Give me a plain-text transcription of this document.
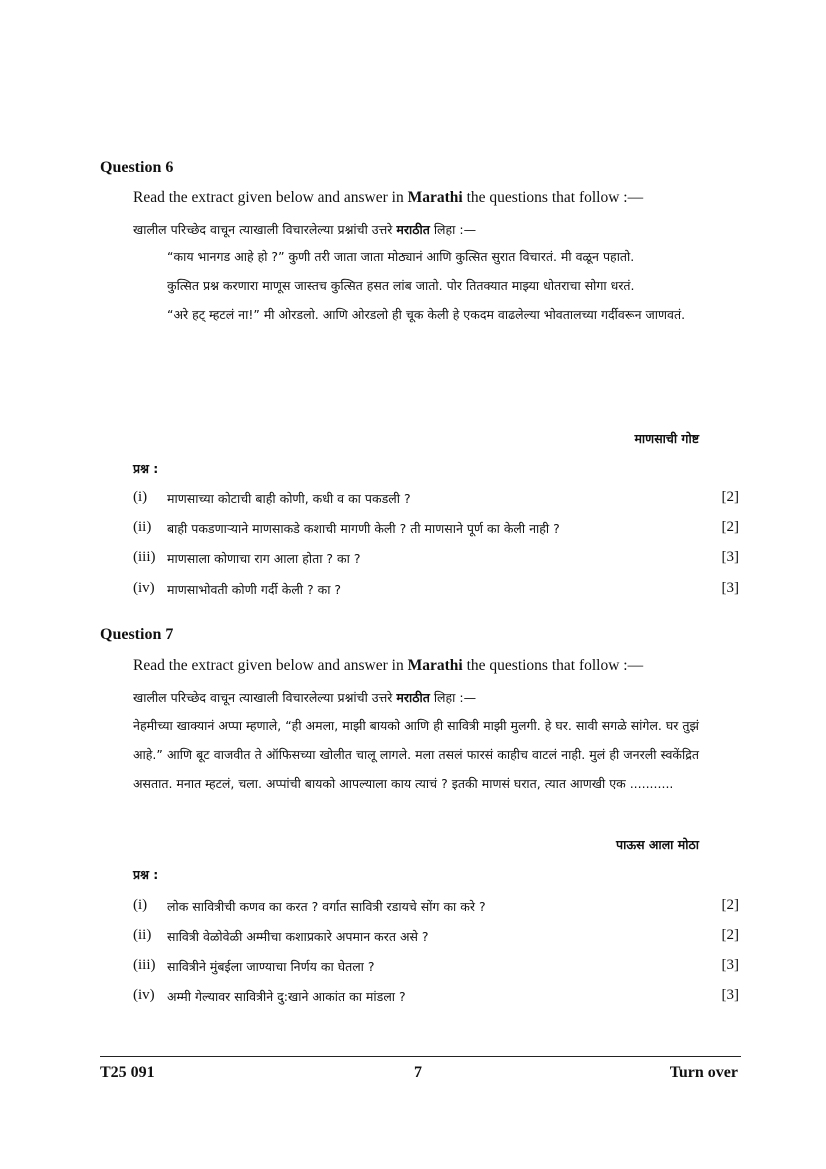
Question 6
Read the extract given below and answer in Marathi the questions that follow :—
खालील परिच्छेद वाचून त्याखाली विचारलेल्या प्रश्नांची उत्तरे मराठीत लिहा :—

“काय भानगड आहे हो ?” कुणी तरी जाता जाता मोठ्यानं आणि कुत्सित सुरात विचारतं. मी वळून पहातो.

कुत्सित प्रश्न करणारा माणूस जास्तच कुत्सित हसत लांब जातो. पोर तितक्यात माझ्या धोतराचा सोगा धरतं.

“अरे हट् म्हटलं ना!” मी ओरडलो. आणि ओरडलो ही चूक केली हे एकदम वाढलेल्या भोवतालच्या गर्दीवरून जाणवतं.

माणसाची गोष्ट
प्रश्न :
(i) माणसाच्या कोटाची बाही कोणी, कधी व का पकडली ?	[2]
(ii) बाही पकडणाऱ्याने माणसाकडे कशाची मागणी केली ? ती माणसाने पूर्ण का केली नाही ?	[2]
(iii) माणसाला कोणाचा राग आला होता ? का ?	[3]
(iv) माणसाभोवती कोणी गर्दी केली ? का ?	[3]
Question 7
Read the extract given below and answer in Marathi the questions that follow :—
खालील परिच्छेद वाचून त्याखाली विचारलेल्या प्रश्नांची उत्तरे मराठीत लिहा :—

नेहमीच्या खाक्यानं अप्पा म्हणाले, “ही अमला, माझी बायको आणि ही सावित्री माझी मुलगी. हे घर. सावी सगळे सांगेल. घर तुझं आहे.” आणि बूट वाजवीत ते ऑफिसच्या खोलीत चालू लागले. मला तसलं फारसं काहीच वाटलं नाही. मुलं ही जनरली स्वकेंद्रित असतात. मनात म्हटलं, चला. अप्पांची बायको आपल्याला काय त्याचं ? इतकी माणसं घरात, त्यात आणखी एक ...........

पाऊस आला मोठा
प्रश्न :
(i) लोक सावित्रीची कणव का करत ? वर्गात सावित्री रडायचे सोंग का करे ?	[2]
(ii) सावित्री वेळोवेळी अम्मीचा कशाप्रकारे अपमान करत असे ?	[2]
(iii) सावित्रीने मुंबईला जाण्याचा निर्णय का घेतला ?	[3]
(iv) अम्मी गेल्यावर सावित्रीने दु:खाने आकांत का मांडला ?	[3]
T25 091	7	Turn over
